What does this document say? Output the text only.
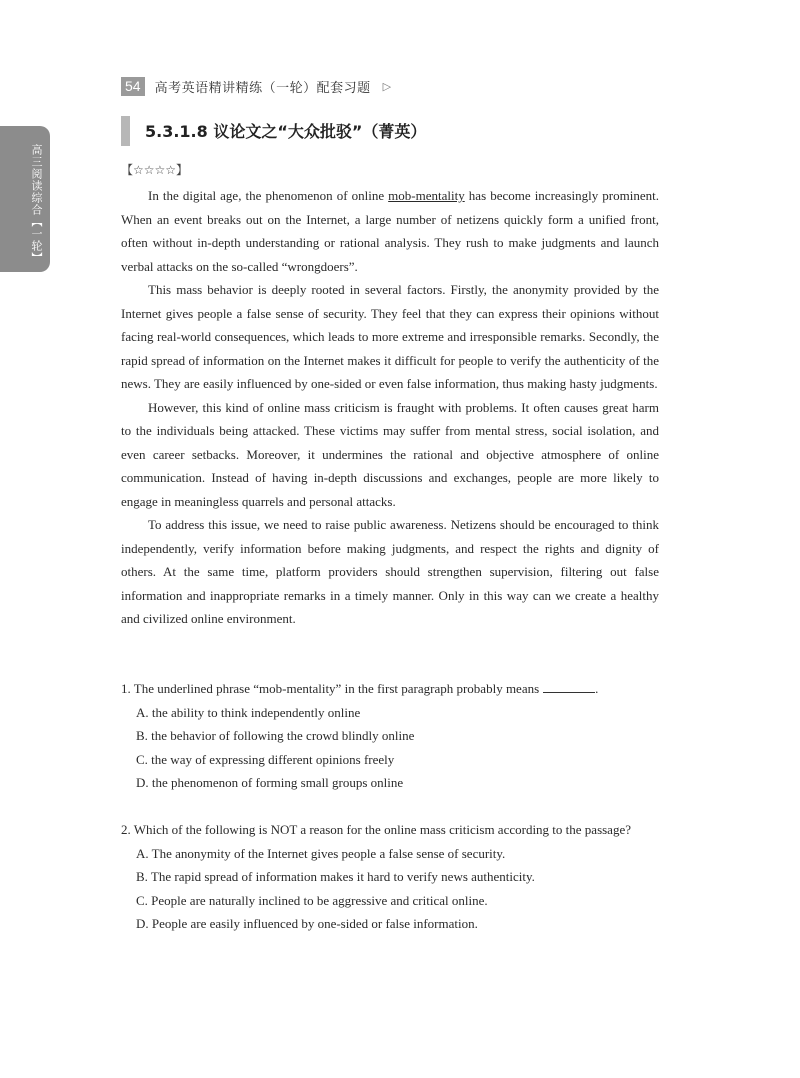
高三阅读综合【一轮】
54	高考英语精讲精练（一轮）配套习题 ▷
5.3.1.8 议论文之“大众批驳”（菁英）
【☆☆☆☆】

In the digital age, the phenomenon of online mob-mentality has become increasingly prominent. When an event breaks out on the Internet, a large number of netizens quickly form a unified front, often without in-depth understanding or rational analysis. They rush to make judgments and launch verbal attacks on the so-called “wrongdoers”.

This mass behavior is deeply rooted in several factors. Firstly, the anonymity provided by the Internet gives people a false sense of security. They feel that they can express their opinions without facing real-world consequences, which leads to more extreme and irresponsible remarks. Secondly, the rapid spread of information on the Internet makes it difficult for people to verify the authenticity of the news. They are easily influenced by one-sided or even false information, thus making hasty judgments.

However, this kind of online mass criticism is fraught with problems. It often causes great harm to the individuals being attacked. These victims may suffer from mental stress, social isolation, and even career setbacks. Moreover, it undermines the rational and objective atmosphere of online communication. Instead of having in-depth discussions and exchanges, people are more likely to engage in meaningless quarrels and personal attacks.

To address this issue, we need to raise public awareness. Netizens should be encouraged to think independently, verify information before making judgments, and respect the rights and dignity of others. At the same time, platform providers should strengthen supervision, filtering out false information and inappropriate remarks in a timely manner. Only in this way can we create a healthy and civilized online environment.

1. The underlined phrase “mob-mentality” in the first paragraph probably means	.

A. the ability to think independently online

B. the behavior of following the crowd blindly online

C. the way of expressing different opinions freely

D. the phenomenon of forming small groups online

2. Which of the following is NOT a reason for the online mass criticism according to the passage?

A. The anonymity of the Internet gives people a false sense of security.

B. The rapid spread of information makes it hard to verify news authenticity.

C. People are naturally inclined to be aggressive and critical online.

D. People are easily influenced by one-sided or false information.
